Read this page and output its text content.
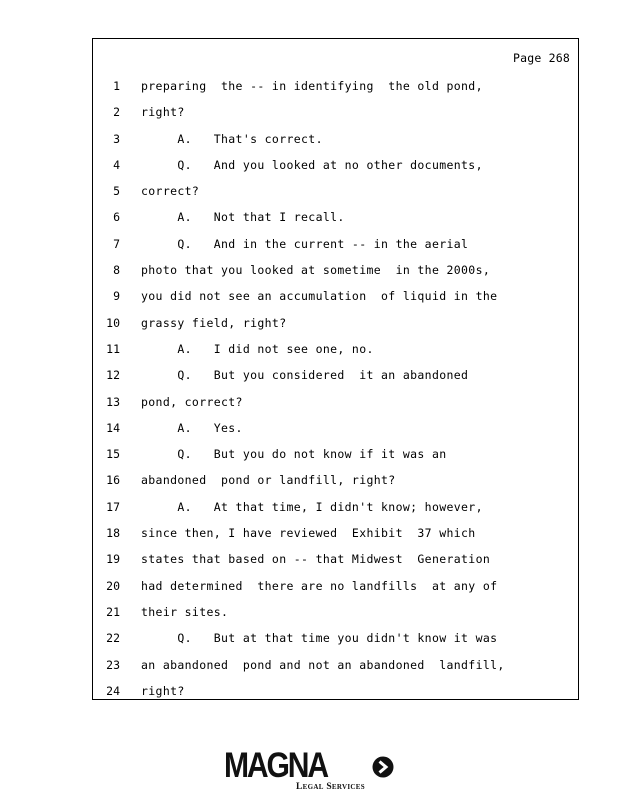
Page 268
1 preparing  the -- in identifying  the old pond,
2 right?
3 A.   That's correct.
4 Q.   And you looked at no other documents,
5 correct?
6 A.   Not that I recall.
7 Q.   And in the current -- in the aerial
8 photo that you looked at sometime  in the 2000s,
9 you did not see an accumulation  of liquid in the
10 grassy field, right?
11 A.   I did not see one, no.
12 Q.   But you considered  it an abandoned
13 pond, correct?
14 A.   Yes.
15 Q.   But you do not know if it was an
16 abandoned  pond or landfill, right?
17 A.   At that time, I didn't know; however,
18 since then, I have reviewed  Exhibit  37 which
19 states that based on -- that Midwest  Generation
20 had determined  there are no landfills  at any of
21 their sites.
22 Q.   But at that time you didn't know it was
23 an abandoned  pond and not an abandoned  landfill,
24 right?
MAGNA
Legal Services
